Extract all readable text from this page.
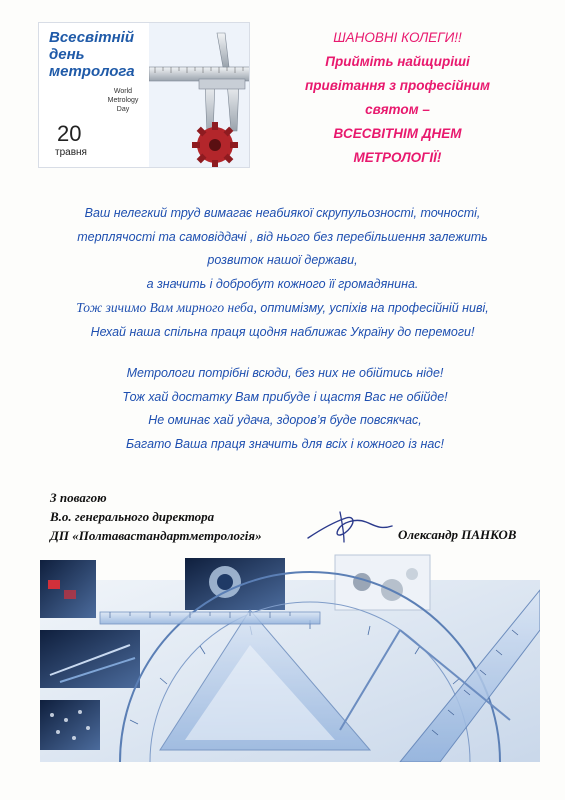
Всесвітній
день
метролога
World
Metrology
Day
20
травня
ШАНОВНІ КОЛЕГИ!!
Прийміть найщиріші
привітання з професійним
святом –
ВСЕСВІТНІМ ДНЕМ
МЕТРОЛОГІЇ!
Ваш нелегкий труд вимагає неабиякої скрупульозності, точності,
терплячості та самовіддачі , від нього без перебільшення залежить
розвиток нашої держави,
а значить і добробут кожного її громадянина.
Тож зичимо Вам мирного неба, оптимізму, успіхів на професійній ниві,
Нехай наша спільна праця щодня наближає Україну до перемоги!
Метрологи потрібні всюди, без них не обійтись ніде!
Тож хай достатку Вам прибуде і щастя Вас не обійде!
Не оминає хай удача, здоров’я буде повсякчас,
Багато Ваша праця значить для всіх і кожного із нас!
З повагою
В.о. генерального директора
ДП «Полтавастандартметрологія»	Олександр ПАНКОВ
